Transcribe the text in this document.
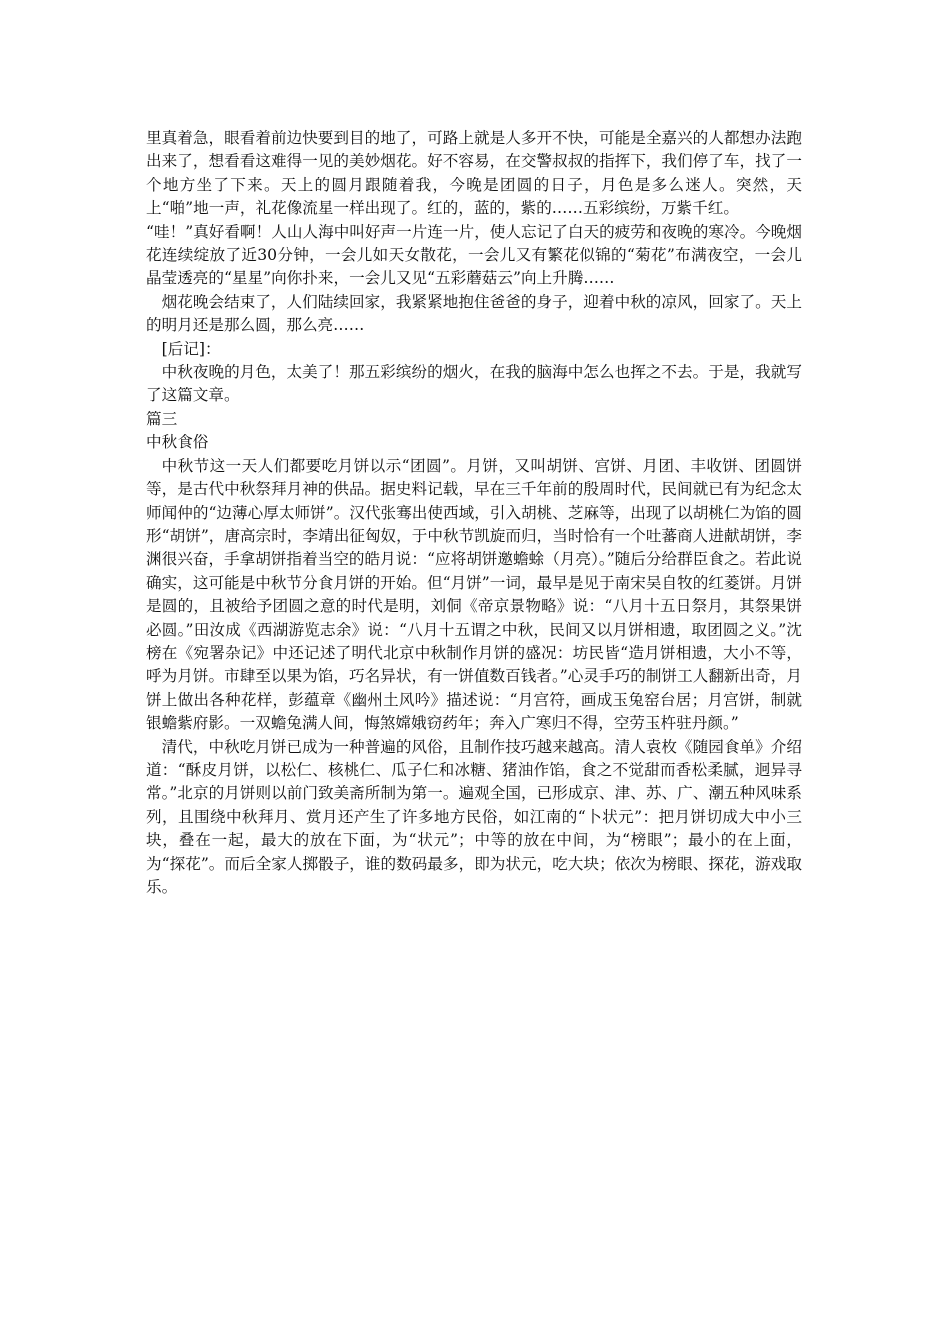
里真着急，眼看着前边快要到目的地了，可路上就是人多开不快，可能是全嘉兴的人都想办法跑出来了，想看看这难得一见的美妙烟花。好不容易，在交警叔叔的指挥下，我们停了车，找了一个地方坐了下来。天上的圆月跟随着我，今晚是团圆的日子，月色是多么迷人。突然，天上“啪”地一声，礼花像流星一样出现了。红的，蓝的，紫的……五彩缤纷，万紫千红。

“哇！”真好看啊！人山人海中叫好声一片连一片，使人忘记了白天的疲劳和夜晚的寒冷。今晚烟花连续绽放了近30分钟，一会儿如天女散花，一会儿又有繁花似锦的“菊花”布满夜空，一会儿晶莹透亮的“星星”向你扑来，一会儿又见“五彩蘑菇云”向上升腾……

烟花晚会结束了，人们陆续回家，我紧紧地抱住爸爸的身子，迎着中秋的凉风，回家了。天上的明月还是那么圆，那么亮……

[后记]：

中秋夜晚的月色，太美了！那五彩缤纷的烟火，在我的脑海中怎么也挥之不去。于是，我就写了这篇文章。

篇三

中秋食俗

中秋节这一天人们都要吃月饼以示“团圆”。月饼，又叫胡饼、宫饼、月团、丰收饼、团圆饼等，是古代中秋祭拜月神的供品。据史料记载，早在三千年前的殷周时代，民间就已有为纪念太师闻仲的“边薄心厚太师饼”。汉代张骞出使西域，引入胡桃、芝麻等，出现了以胡桃仁为馅的圆形“胡饼”，唐高宗时，李靖出征匈奴，于中秋节凯旋而归，当时恰有一个吐蕃商人进献胡饼，李渊很兴奋，手拿胡饼指着当空的皓月说：“应将胡饼邀蟾蜍（月亮）。”随后分给群臣食之。若此说确实，这可能是中秋节分食月饼的开始。但“月饼”一词，最早是见于南宋吴自牧的红菱饼。月饼是圆的，且被给予团圆之意的时代是明，刘侗《帝京景物略》说：“八月十五日祭月，其祭果饼必圆。”田汝成《西湖游览志余》说：“八月十五谓之中秋，民间又以月饼相遗，取团圆之义。”沈榜在《宛署杂记》中还记述了明代北京中秋制作月饼的盛况：坊民皆“造月饼相遗，大小不等，呼为月饼。市肆至以果为馅，巧名异状，有一饼值数百钱者。”心灵手巧的制饼工人翻新出奇，月饼上做出各种花样，彭蕴章《幽州土风吟》描述说：“月宫符，画成玉兔窑台居；月宫饼，制就银蟾紫府影。一双蟾兔满人间，悔煞嫦娥窃药年；奔入广寒归不得，空劳玉杵驻丹颜。”

清代，中秋吃月饼已成为一种普遍的风俗，且制作技巧越来越高。清人袁枚《随园食单》介绍道：“酥皮月饼，以松仁、核桃仁、瓜子仁和冰糖、猪油作馅，食之不觉甜而香松柔腻，迥异寻常。”北京的月饼则以前门致美斋所制为第一。遍观全国，已形成京、津、苏、广、潮五种风味系列，且围绕中秋拜月、赏月还产生了许多地方民俗，如江南的“卜状元”：把月饼切成大中小三块，叠在一起，最大的放在下面，为“状元”；中等的放在中间，为“榜眼”；最小的在上面，为“探花”。而后全家人掷骰子，谁的数码最多，即为状元，吃大块；依次为榜眼、探花，游戏取乐。
